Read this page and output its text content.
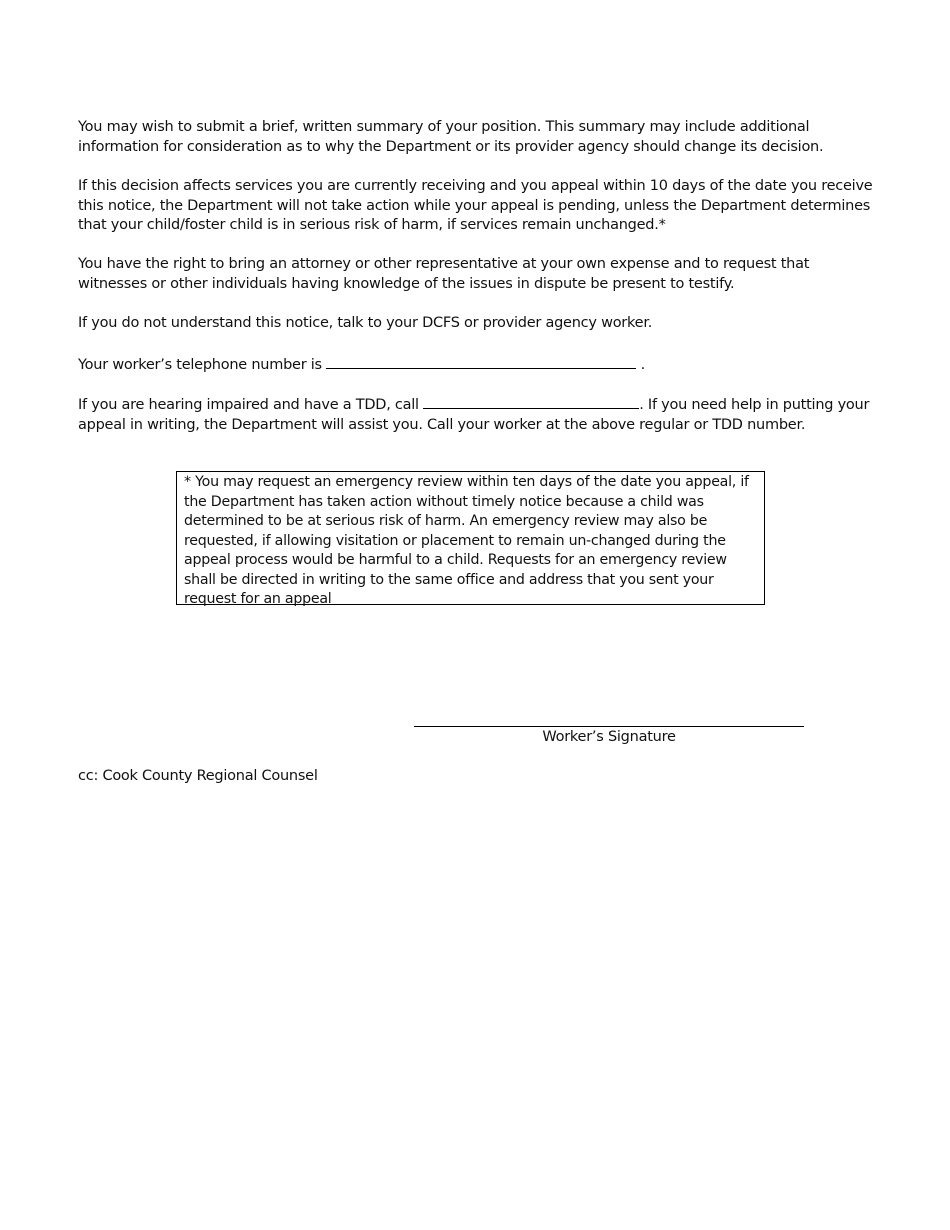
You may wish to submit a brief, written summary of your position. This summary may include additional information for consideration as to why the Department or its provider agency should change its decision.

If this decision affects services you are currently receiving and you appeal within 10 days of the date you receive this notice, the Department will not take action while your appeal is pending, unless the Department determines that your child/foster child is in serious risk of harm, if services remain unchanged.*

You have the right to bring an attorney or other representative at your own expense and to request that witnesses or other individuals having knowledge of the issues in dispute be present to testify.

If you do not understand this notice, talk to your DCFS or provider agency worker.

Your worker’s telephone number is	.

If you are hearing impaired and have a TDD, call	. If you need help in putting your appeal in writing, the Department will assist you. Call your worker at the above regular or TDD number.

* You may request an emergency review within ten days of the date you appeal, if the Department has taken action without timely notice because a child was determined to be at serious risk of harm. An emergency review may also be requested, if allowing visitation or placement to remain un-changed during the appeal process would be harmful to a child. Requests for an emergency review shall be directed in writing to the same office and address that you sent your request for an appeal

Worker’s Signature

cc: Cook County Regional Counsel
